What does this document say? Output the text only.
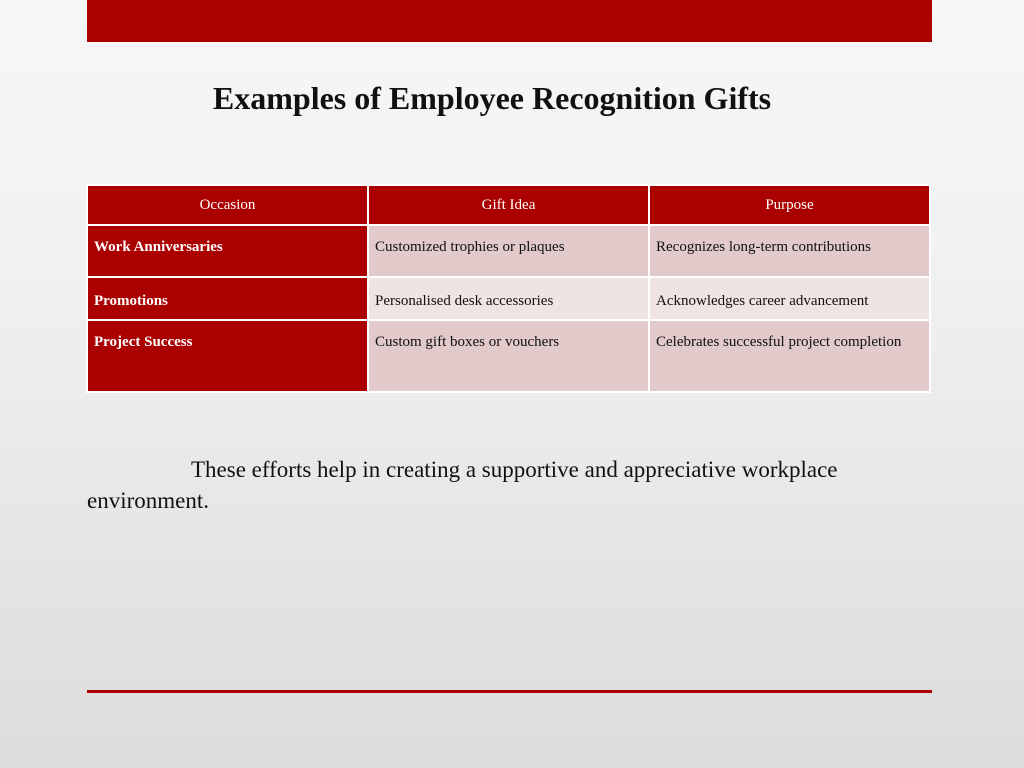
Examples of Employee Recognition Gifts
Occasion	Gift Idea	Purpose
Work Anniversaries	Customized trophies or plaques	Recognizes long-term contributions
Promotions	Personalised desk accessories	Acknowledges career advancement
Project Success	Custom gift boxes or vouchers	Celebrates successful project completion

These efforts help in creating a supportive and appreciative workplace environment.
